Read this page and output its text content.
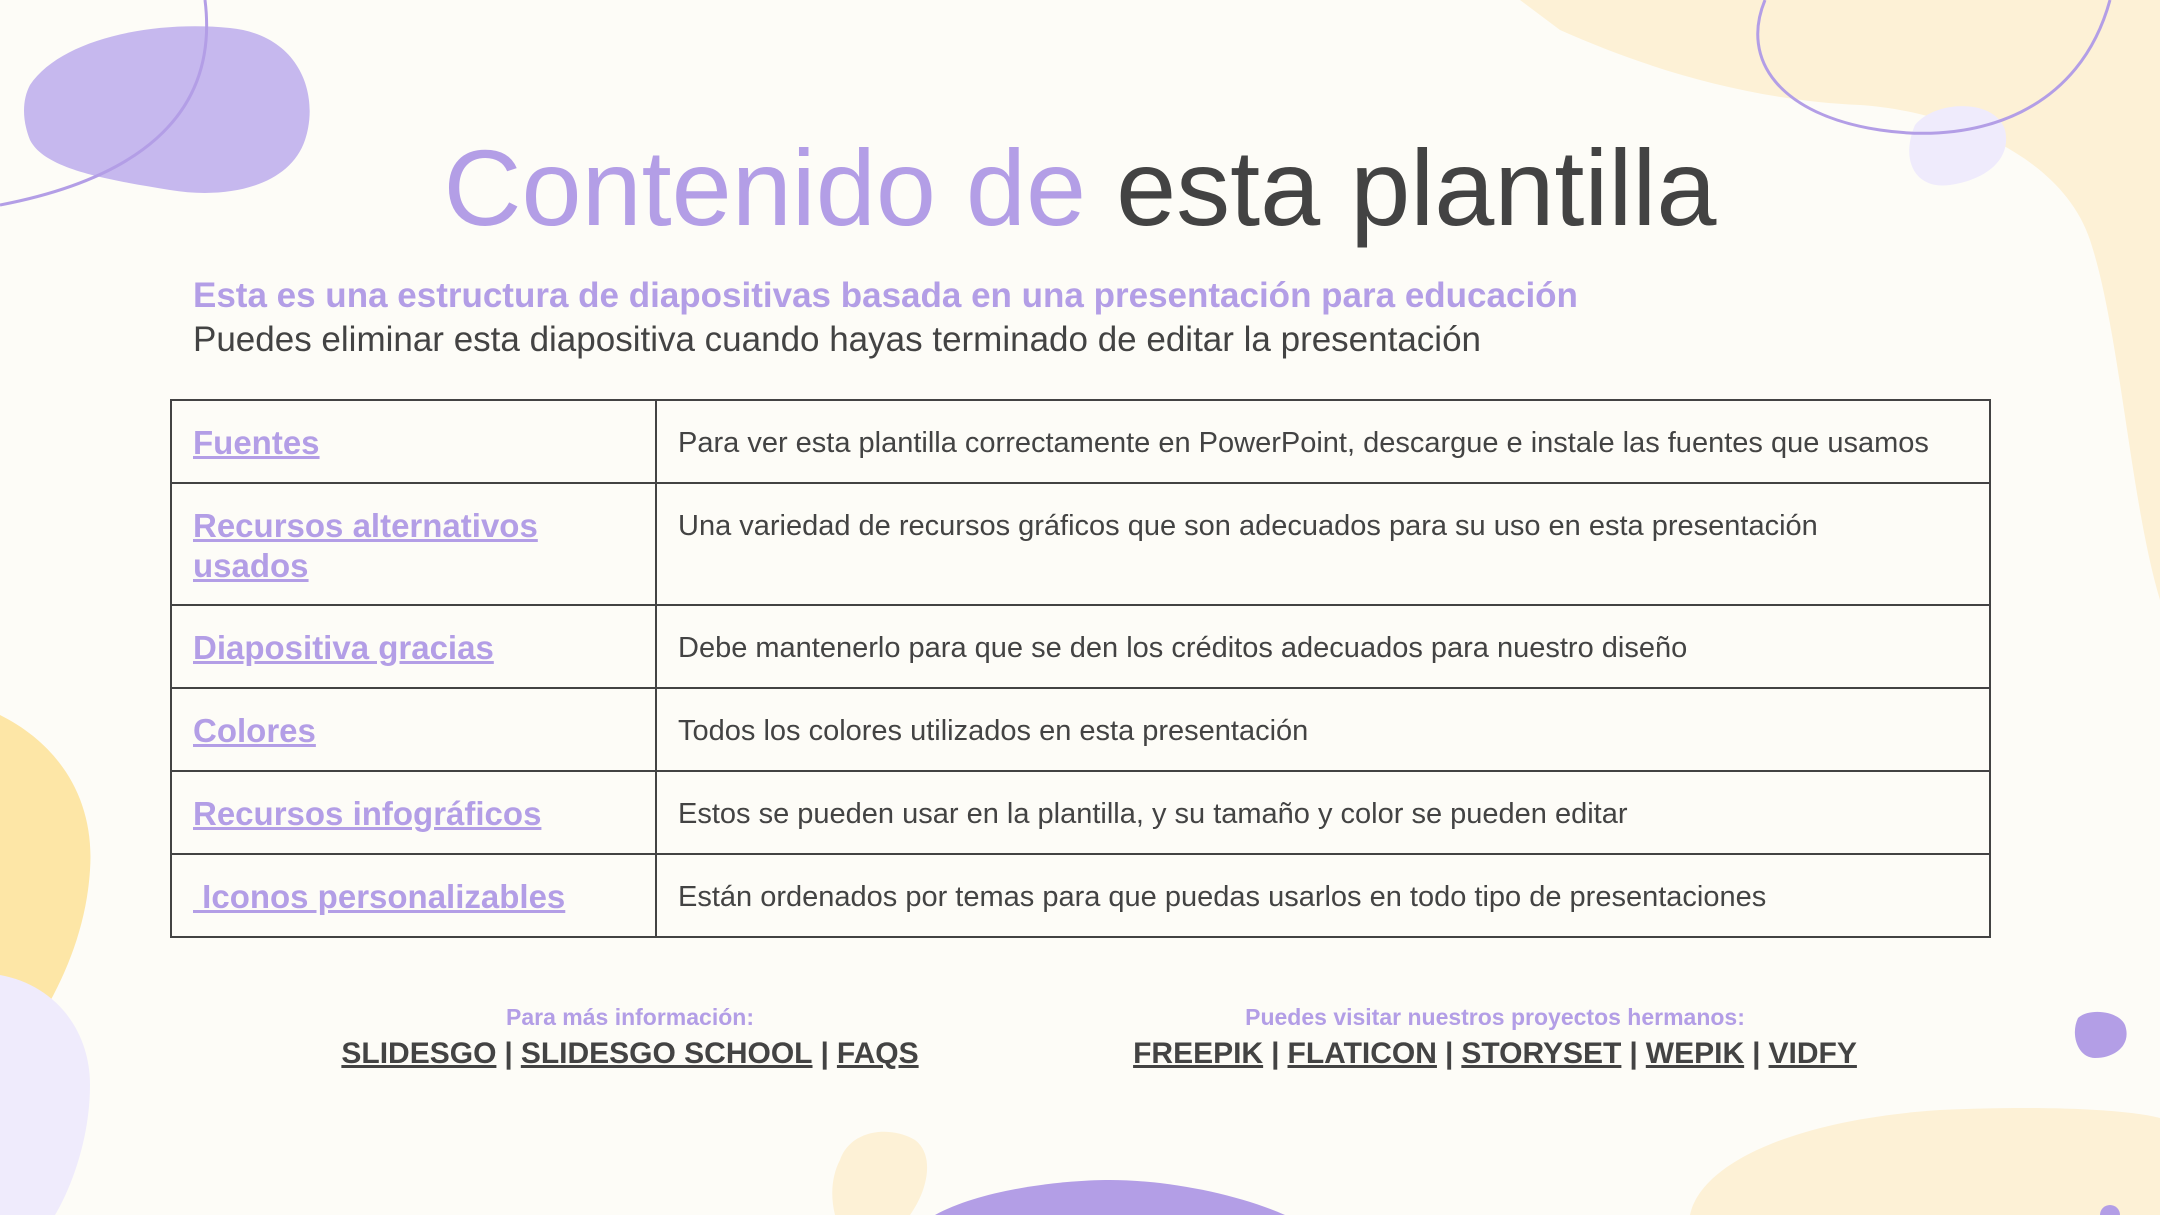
Contenido de esta plantilla
Esta es una estructura de diapositivas basada en una presentación para educación
Puedes eliminar esta diapositiva cuando hayas terminado de editar la presentación
Fuentes	Para ver esta plantilla correctamente en PowerPoint, descargue e instale las fuentes que usamos
Recursos alternativos usados	Una variedad de recursos gráficos que son adecuados para su uso en esta presentación
Diapositiva gracias	Debe mantenerlo para que se den los créditos adecuados para nuestro diseño
Colores	Todos los colores utilizados en esta presentación
Recursos infográficos	Estos se pueden usar en la plantilla, y su tamaño y color se pueden editar
Iconos personalizables	Están ordenados por temas para que puedas usarlos en todo tipo de presentaciones
Para más información:
SLIDESGO | SLIDESGO SCHOOL | FAQS
Puedes visitar nuestros proyectos hermanos:
FREEPIK | FLATICON | STORYSET | WEPIK | VIDFY
